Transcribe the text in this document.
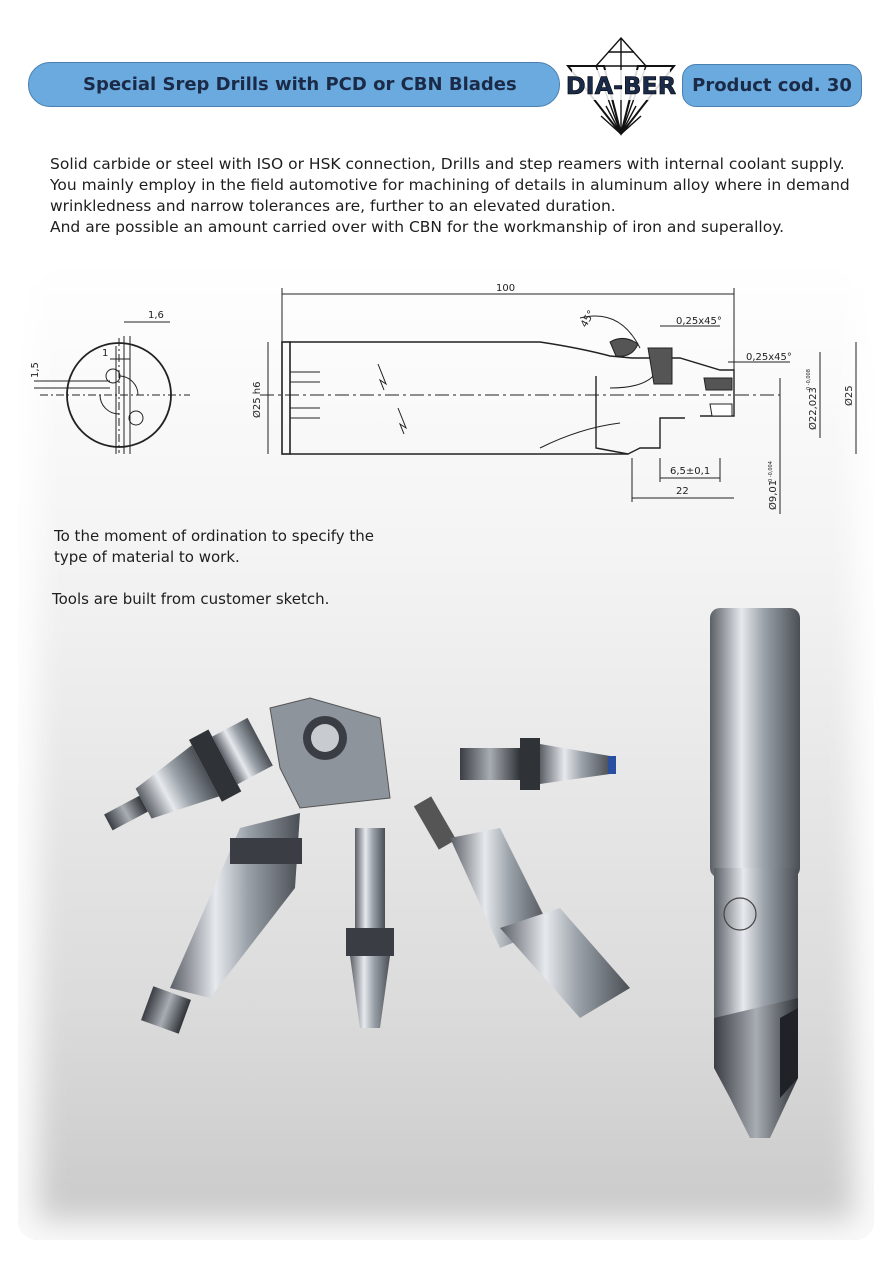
Special Srep Drills with PCD or CBN Blades DIA-BER Product cod. 30

Solid carbide or steel with ISO or HSK connection, Drills and step reamers with internal coolant supply.

You mainly employ in the field automotive for machining of details in aluminum alloy where in demand wrinkledness and narrow tolerances are, further to an elevated duration.

And are possible an amount carried over with CBN for the workmanship of iron and superalloy.

1,6
1
1,5
100
45°	0,25x45°
0,25x45°
Ø25 h6	Ø25
Ø22,023
0 -0,008
Ø9,01
0 -0,004
6,5±0,1
22

To the moment of ordination to specify the type of material to work.

Tools are built from customer sketch.
